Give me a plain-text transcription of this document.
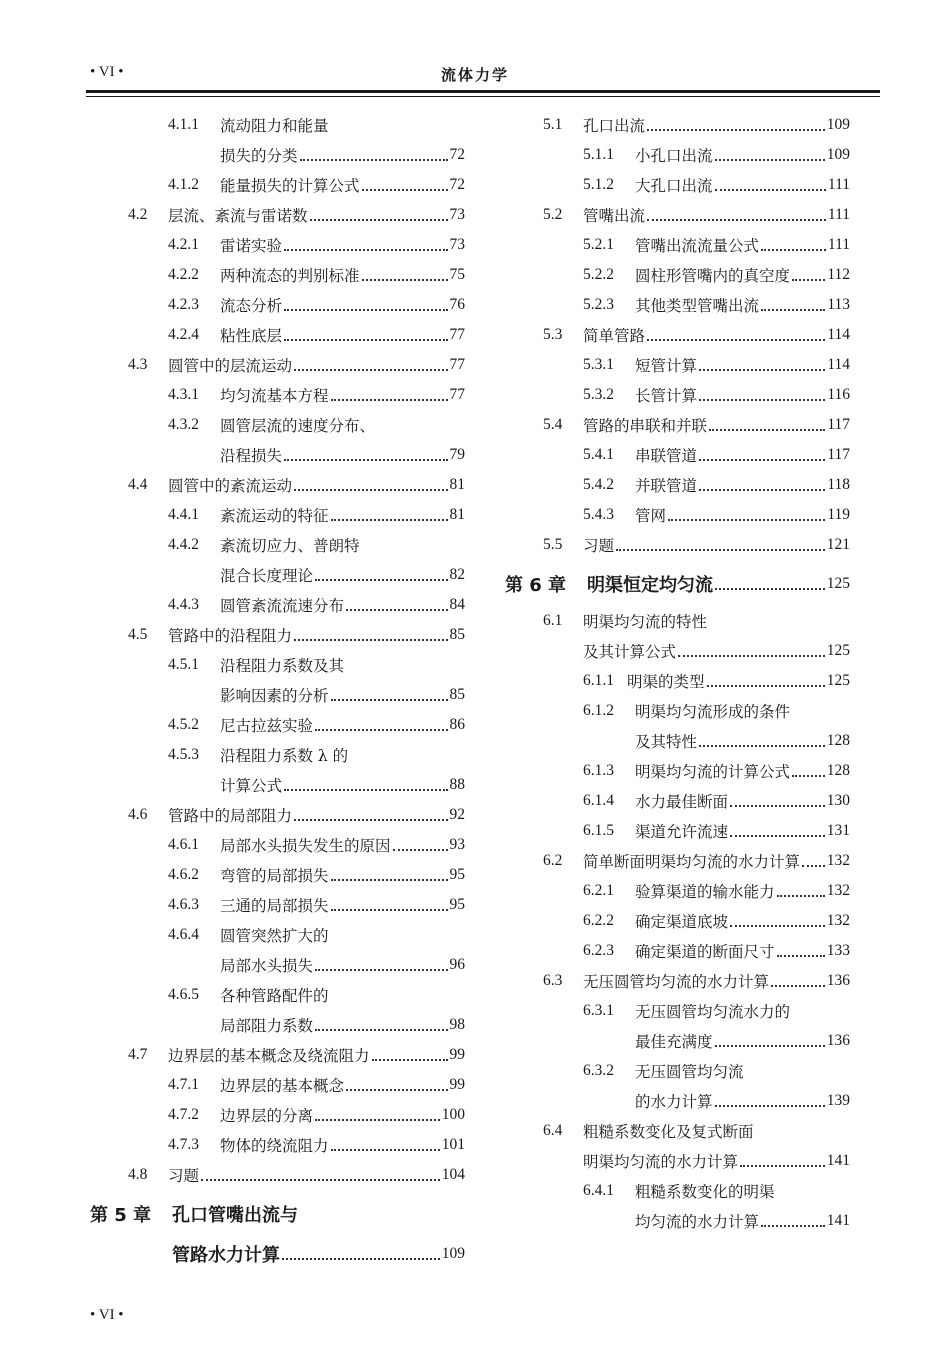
• VI •	流体力学
4.1.1 流动阻力和能量
损失的分类	72
4.1.2 能量损失的计算公式	72
4.2 层流、紊流与雷诺数	73
4.2.1 雷诺实验	73
4.2.2 两种流态的判别标准	75
4.2.3 流态分析	76
4.2.4 粘性底层	77
4.3 圆管中的层流运动	77
4.3.1 均匀流基本方程	77
4.3.2 圆管层流的速度分布、
沿程损失	79
4.4 圆管中的紊流运动	81
4.4.1 紊流运动的特征	81
4.4.2 紊流切应力、普朗特
混合长度理论	82
4.4.3 圆管紊流流速分布	84
4.5 管路中的沿程阻力	85
4.5.1 沿程阻力系数及其
影响因素的分析	85
4.5.2 尼古拉兹实验	86
4.5.3 沿程阻力系数 λ 的
计算公式	88
4.6 管路中的局部阻力	92
4.6.1 局部水头损失发生的原因	93
4.6.2 弯管的局部损失	95
4.6.3 三通的局部损失	95
4.6.4 圆管突然扩大的
局部水头损失	96
4.6.5 各种管路配件的
局部阻力系数	98
4.7 边界层的基本概念及绕流阻力	99
4.7.1 边界层的基本概念	99
4.7.2 边界层的分离	100
4.7.3 物体的绕流阻力	101
4.8 习题	104
第 5 章 孔口管嘴出流与
管路水力计算	109
5.1 孔口出流	109
5.1.1 小孔口出流	109
5.1.2 大孔口出流	111
5.2 管嘴出流	111
5.2.1 管嘴出流流量公式	111
5.2.2 圆柱形管嘴内的真空度 112
5.2.3 其他类型管嘴出流	113
5.3 简单管路	114
5.3.1 短管计算	114
5.3.2 长管计算	116
5.4 管路的串联和并联	117
5.4.1 串联管道	117
5.4.2 并联管道	118
5.4.3 管网	119
5.5 习题	121
第 6 章 明渠恒定均匀流	125
6.1 明渠均匀流的特性
及其计算公式	125
6.1.1 明渠的类型	125
6.1.2 明渠均匀流形成的条件
及其特性	128
6.1.3 明渠均匀流的计算公式 128
6.1.4 水力最佳断面	130
6.1.5 渠道允许流速	131
6.2 简单断面明渠均匀流的水力计算 132
6.2.1 验算渠道的输水能力	132
6.2.2 确定渠道底坡	132
6.2.3 确定渠道的断面尺寸	133
6.3 无压圆管均匀流的水力计算	136
6.3.1 无压圆管均匀流水力的
最佳充满度	136
6.3.2 无压圆管均匀流
的水力计算	139
6.4 粗糙系数变化及复式断面
明渠均匀流的水力计算	141
6.4.1 粗糙系数变化的明渠
均匀流的水力计算	141
• VI •
